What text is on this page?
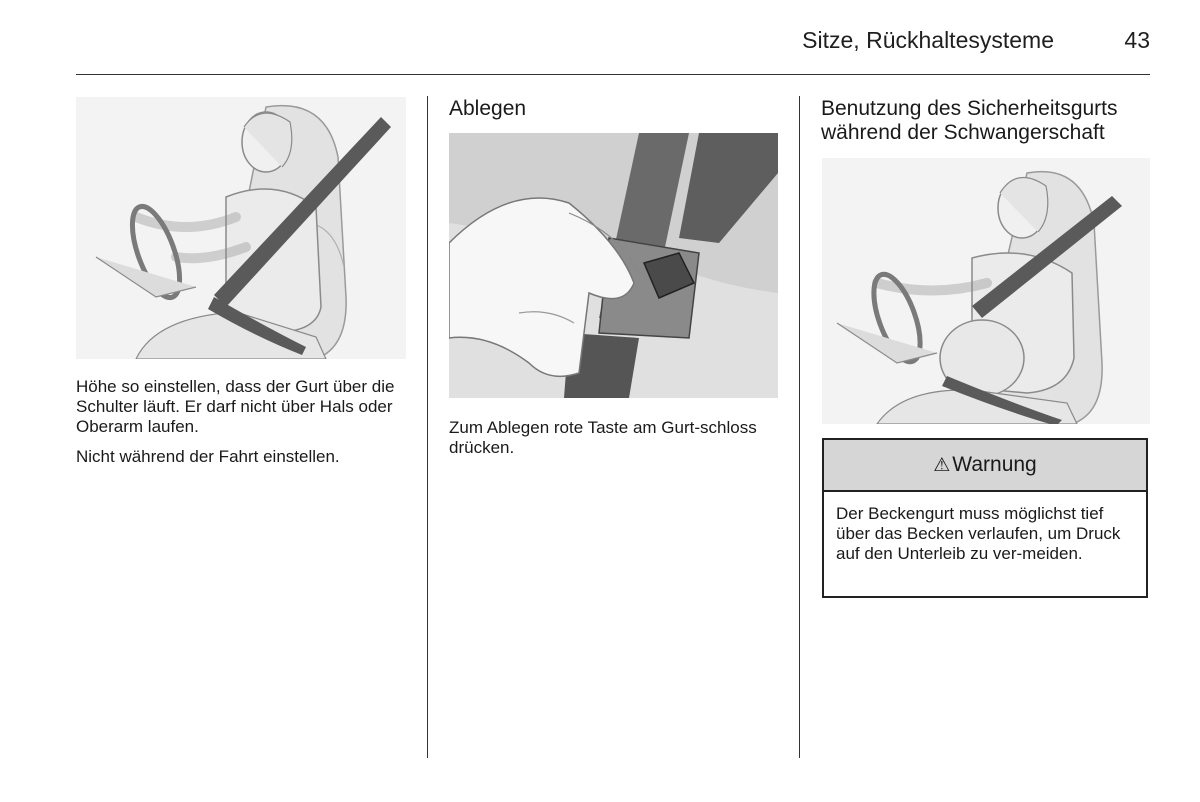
Sitze, Rückhaltesysteme	43

Höhe so einstellen, dass der Gurt über die Schulter läuft. Er darf nicht über Hals oder Oberarm laufen.

Nicht während der Fahrt einstellen.

Ablegen
Zum Ablegen rote Taste am Gurt-schloss drücken.
Benutzung des Sicherheitsgurts während der Schwangerschaft
⚠ Warnung
Der Beckengurt muss möglichst tief über das Becken verlaufen, um Druck auf den Unterleib zu ver-meiden.
